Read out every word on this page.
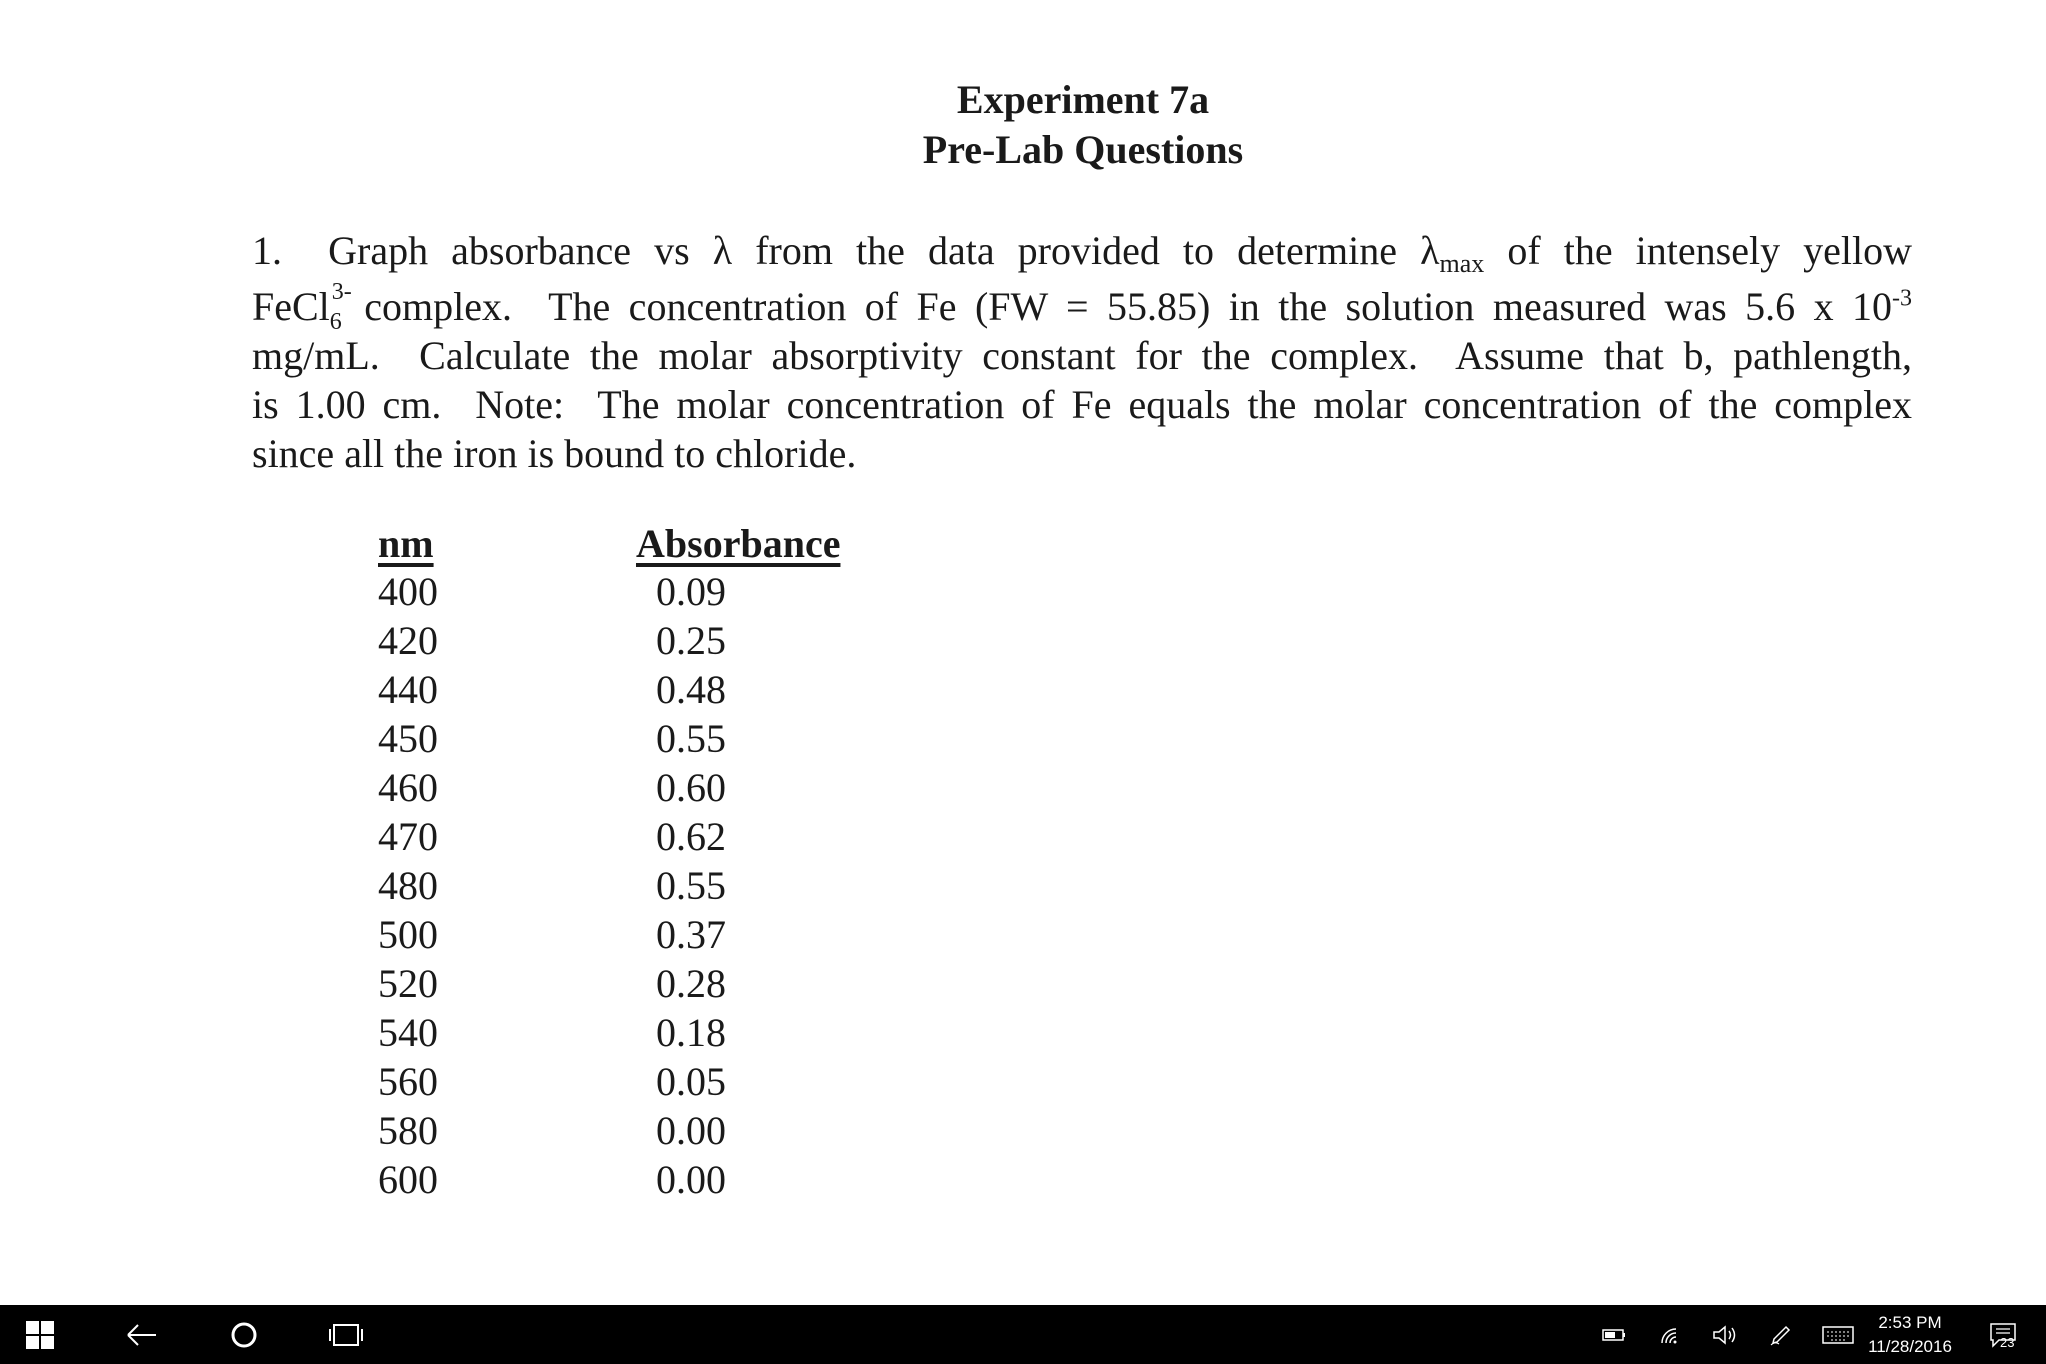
Experiment 7a
Pre-Lab Questions
1.  Graph absorbance vs λ from the data provided to determine $\lambda_{max}$ of the intensely yellow
FeCl 3-
6 complex.  The concentration of Fe (FW = 55.85) in the solution measured was 5.6 x $10^{-3}$
mg/mL.  Calculate the molar absorptivity constant for the complex.  Assume that b, pathlength,
is 1.00 cm.  Note:  The molar concentration of Fe equals the molar concentration of the complex
since all the iron is bound to chloride.
nm	Absorbance
400	0.09
420	0.25
440	0.48
450	0.55
460	0.60
470	0.62
480	0.55
500	0.37
520	0.28
540	0.18
560	0.05
580	0.00
600	0.00
2:53 PM
11/28/2016	23
